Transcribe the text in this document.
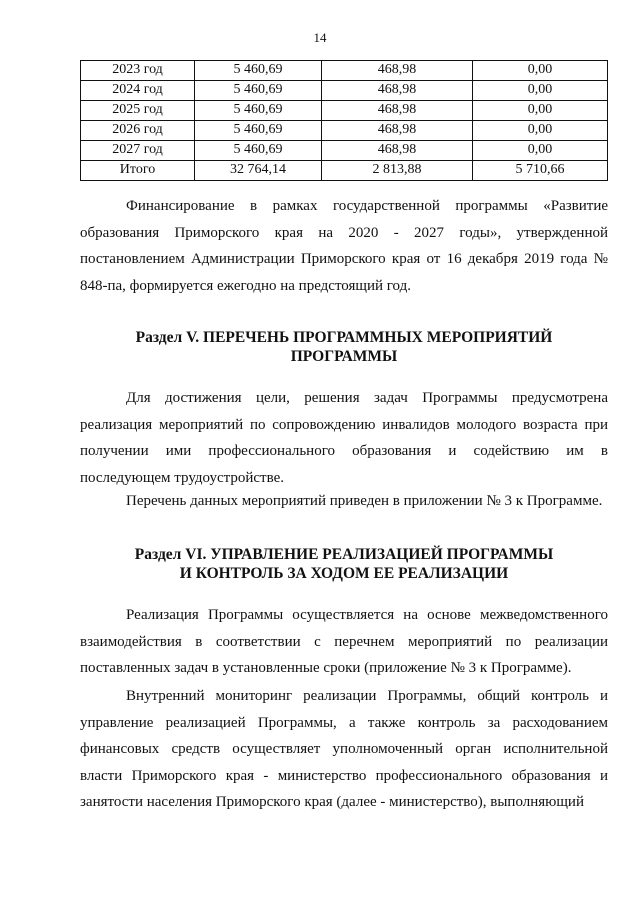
14
2023 год	5 460,69	468,98	0,00
2024 год	5 460,69	468,98	0,00
2025 год	5 460,69	468,98	0,00
2026 год	5 460,69	468,98	0,00
2027 год	5 460,69	468,98	0,00
Итого	32 764,14	2 813,88	5 710,66

Финансирование в рамках государственной программы «Развитие образования Приморского края на 2020 - 2027 годы», утвержденной постановлением Администрации Приморского края от 16 декабря 2019 года № 848-па, формируется ежегодно на предстоящий год.

Раздел V. ПЕРЕЧЕНЬ ПРОГРАММНЫХ МЕРОПРИЯТИЙ
ПРОГРАММЫ

Для достижения цели, решения задач Программы предусмотрена реализация мероприятий по сопровождению инвалидов молодого возраста при получении ими профессионального образования и содействию им в последующем трудоустройстве.

Перечень данных мероприятий приведен в приложении № 3 к Программе.

Раздел VI. УПРАВЛЕНИЕ РЕАЛИЗАЦИЕЙ ПРОГРАММЫ
И КОНТРОЛЬ ЗА ХОДОМ ЕЕ РЕАЛИЗАЦИИ

Реализация Программы осуществляется на основе межведомственного взаимодействия в соответствии с перечнем мероприятий по реализации поставленных задач в установленные сроки (приложение № 3 к Программе).

Внутренний мониторинг реализации Программы, общий контроль и управление реализацией Программы, а также контроль за расходованием финансовых средств осуществляет уполномоченный орган исполнительной власти Приморского края - министерство профессионального образования и занятости населения Приморского края (далее - министерство), выполняющий
